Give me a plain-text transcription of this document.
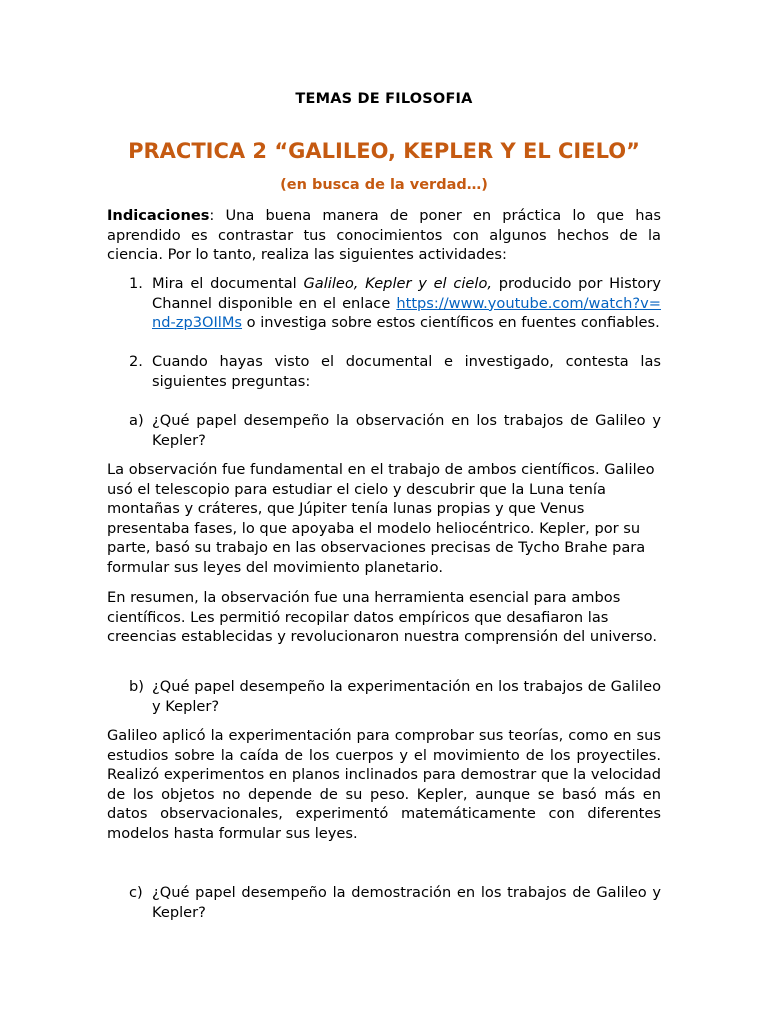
TEMAS DE FILOSOFIA
PRACTICA 2 “GALILEO, KEPLER Y EL CIELO”
(en busca de la verdad…)
Indicaciones: Una buena manera de poner en práctica lo que has aprendido es contrastar tus conocimientos con algunos hechos de la ciencia. Por lo tanto, realiza las siguientes actividades:
1. Mira el documental Galileo, Kepler y el cielo, producido por History Channel disponible en el enlace https://www.youtube.com/watch?v=nd-zp3OIlMs o investiga sobre estos científicos en fuentes confiables.
2. Cuando hayas visto el documental e investigado, contesta las siguientes preguntas:
a) ¿Qué papel desempeño la observación en los trabajos de Galileo y Kepler?
La observación fue fundamental en el trabajo de ambos científicos. Galileo usó el telescopio para estudiar el cielo y descubrir que la Luna tenía montañas y cráteres, que Júpiter tenía lunas propias y que Venus presentaba fases, lo que apoyaba el modelo heliocéntrico. Kepler, por su parte, basó su trabajo en las observaciones precisas de Tycho Brahe para formular sus leyes del movimiento planetario.
En resumen, la observación fue una herramienta esencial para ambos científicos. Les permitió recopilar datos empíricos que desafiaron las creencias establecidas y revolucionaron nuestra comprensión del universo.
b) ¿Qué papel desempeño la experimentación en los trabajos de Galileo y Kepler?
Galileo aplicó la experimentación para comprobar sus teorías, como en sus estudios sobre la caída de los cuerpos y el movimiento de los proyectiles. Realizó experimentos en planos inclinados para demostrar que la velocidad de los objetos no depende de su peso. Kepler, aunque se basó más en datos observacionales, experimentó matemáticamente con diferentes modelos hasta formular sus leyes.
c) ¿Qué papel desempeño la demostración en los trabajos de Galileo y Kepler?
